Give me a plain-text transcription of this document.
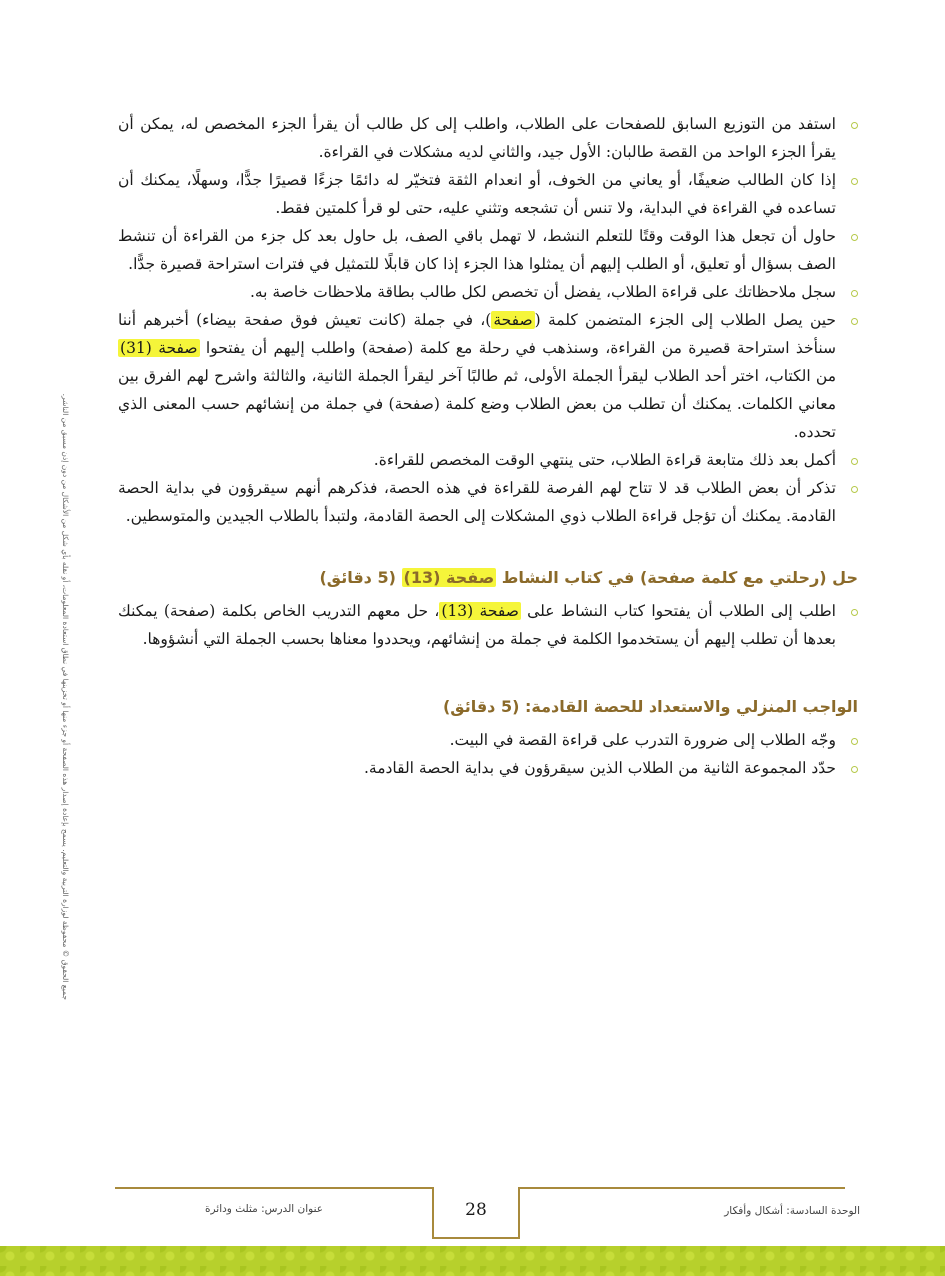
جميع الحقوق © محفوظة لوزارة التربية والتعليم. يسمح بإعادة إصدار هذه الصفحة أو جزء منها أو تخزينها في نطاق استعادة المعلومات، أو نقله بأي شكل من الأشكال من دون إذن مسبق من الناشر.
استفد من التوزيع السابق للصفحات على الطلاب، واطلب إلى كل طالب أن يقرأ الجزء المخصص له، يمكن أن يقرأ الجزء الواحد من القصة طالبان: الأول جيد، والثاني لديه مشكلات في القراءة.
إذا كان الطالب ضعيفًا، أو يعاني من الخوف، أو انعدام الثقة فتخيّر له دائمًا جزءًا قصيرًا جدًّا، وسهلًا، يمكنك أن تساعده في القراءة في البداية، ولا تنس أن تشجعه وتثني عليه، حتى لو قرأ كلمتين فقط.
حاول أن تجعل هذا الوقت وقتًا للتعلم النشط، لا تهمل باقي الصف، بل حاول بعد كل جزء من القراءة أن تنشط الصف بسؤال أو تعليق، أو الطلب إليهم أن يمثلوا هذا الجزء إذا كان قابلًا للتمثيل في فترات استراحة قصيرة جدًّا.
سجل ملاحظاتك على قراءة الطلاب، يفضل أن تخصص لكل طالب بطاقة ملاحظات خاصة به.
حين يصل الطلاب إلى الجزء المتضمن كلمة (صفحة)، في جملة (كانت تعيش فوق صفحة بيضاء) أخبرهم أننا سنأخذ استراحة قصيرة من القراءة، وسنذهب في رحلة مع كلمة (صفحة) واطلب إليهم أن يفتحوا صفحة (31) من الكتاب، اختر أحد الطلاب ليقرأ الجملة الأولى، ثم طالبًا آخر ليقرأ الجملة الثانية، والثالثة واشرح لهم الفرق بين معاني الكلمات. يمكنك أن تطلب من بعض الطلاب وضع كلمة (صفحة) في جملة من إنشائهم حسب المعنى الذي تحدده.
أكمل بعد ذلك متابعة قراءة الطلاب، حتى ينتهي الوقت المخصص للقراءة.
تذكر أن بعض الطلاب قد لا تتاح لهم الفرصة للقراءة في هذه الحصة، فذكرهم أنهم سيقرؤون في بداية الحصة القادمة. يمكنك أن تؤجل قراءة الطلاب ذوي المشكلات إلى الحصة القادمة، ولتبدأ بالطلاب الجيدين والمتوسطين.
حل (رحلتي مع كلمة صفحة) في كتاب النشاط صفحة (13) (5 دقائق)
اطلب إلى الطلاب أن يفتحوا كتاب النشاط على صفحة (13)، حل معهم التدريب الخاص بكلمة (صفحة) يمكنك بعدها أن تطلب إليهم أن يستخدموا الكلمة في جملة من إنشائهم، ويحددوا معناها بحسب الجملة التي أنشؤوها.
الواجب المنزلي والاستعداد للحصة القادمة: (5 دقائق)
وجّه الطلاب إلى ضرورة التدرب على قراءة القصة في البيت.
حدّد المجموعة الثانية من الطلاب الذين سيقرؤون في بداية الحصة القادمة.
28
عنوان الدرس: مثلث ودائرة	الوحدة السادسة: أشكال وأفكار
